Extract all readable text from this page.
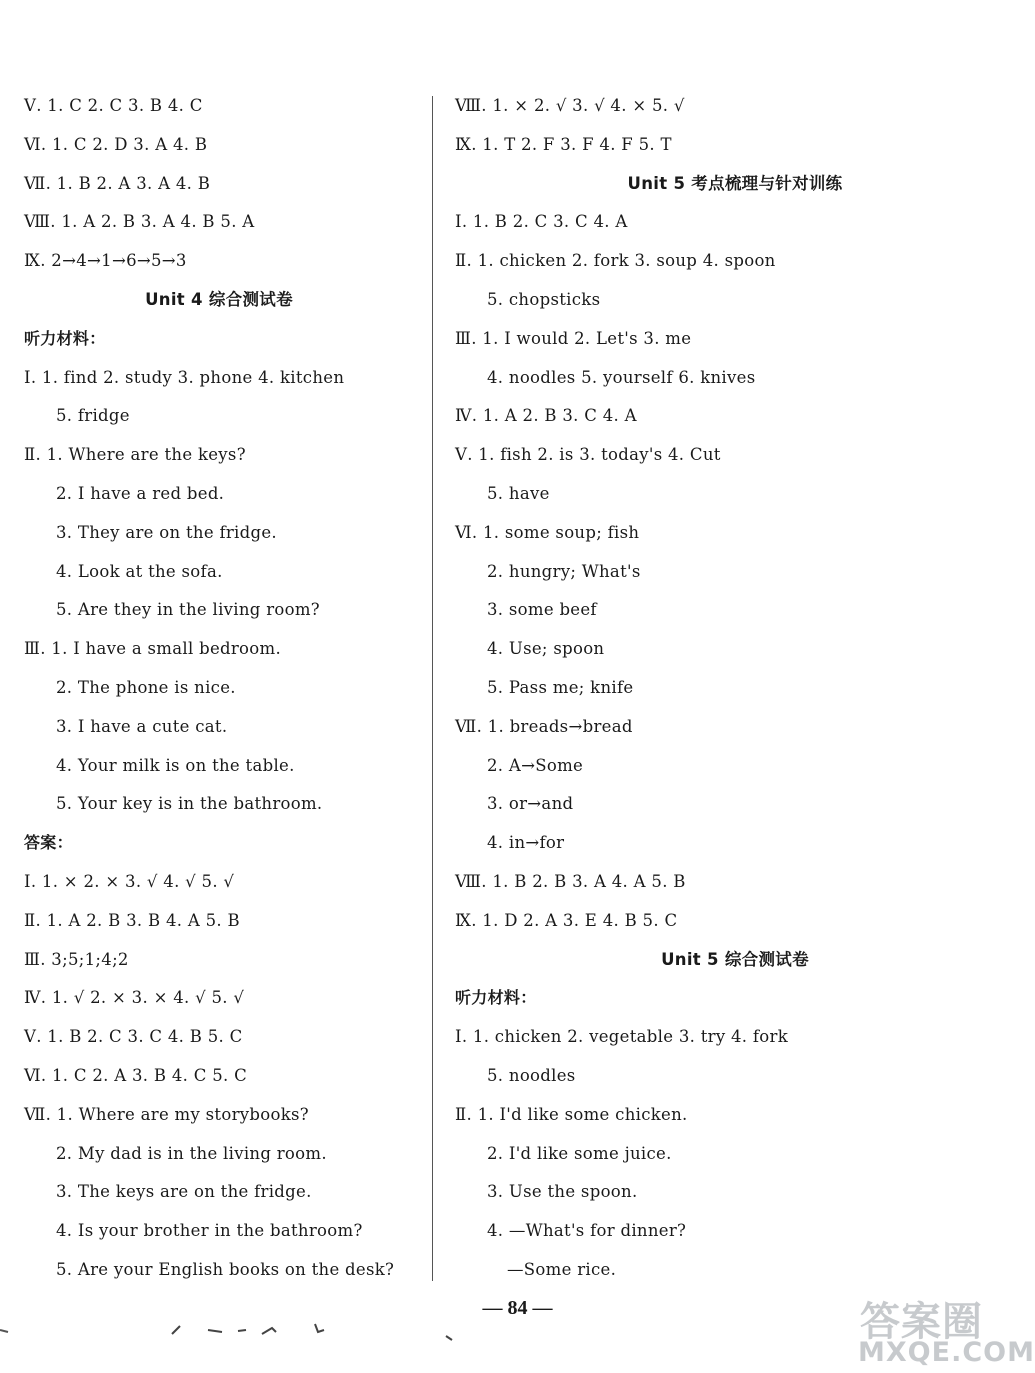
Ⅴ. 1. C 2. C 3. B 4. C
Ⅵ. 1. C 2. D 3. A 4. B
Ⅶ. 1. B 2. A 3. A 4. B
Ⅷ. 1. A 2. B 3. A 4. B 5. A
Ⅸ. 2→4→1→6→5→3
Unit 4 综合测试卷
听力材料：
Ⅰ. 1. find 2. study 3. phone 4. kitchen
5. fridge
Ⅱ. 1. Where are the keys?
2. I have a red bed.
3. They are on the fridge.
4. Look at the sofa.
5. Are they in the living room?
Ⅲ. 1. I have a small bedroom.
2. The phone is nice.
3. I have a cute cat.
4. Your milk is on the table.
5. Your key is in the bathroom.
答案：
Ⅰ. 1. × 2. × 3. √ 4. √ 5. √
Ⅱ. 1. A 2. B 3. B 4. A 5. B
Ⅲ. 3;5;1;4;2
Ⅳ. 1. √ 2. × 3. × 4. √ 5. √
Ⅴ. 1. B 2. C 3. C 4. B 5. C
Ⅵ. 1. C 2. A 3. B 4. C 5. C
Ⅶ. 1. Where are my storybooks?
2. My dad is in the living room.
3. The keys are on the fridge.
4. Is your brother in the bathroom?
5. Are your English books on the desk?
Ⅷ. 1. × 2. √ 3. √ 4. × 5. √
Ⅸ. 1. T 2. F 3. F 4. F 5. T
Unit 5 考点梳理与针对训练
Ⅰ. 1. B 2. C 3. C 4. A
Ⅱ. 1. chicken 2. fork 3. soup 4. spoon
5. chopsticks
Ⅲ. 1. I would 2. Let's 3. me
4. noodles 5. yourself 6. knives
Ⅳ. 1. A 2. B 3. C 4. A
Ⅴ. 1. fish 2. is 3. today's 4. Cut
5. have
Ⅵ. 1. some soup; fish
2. hungry; What's
3. some beef
4. Use; spoon
5. Pass me; knife
Ⅶ. 1. breads→bread
2. A→Some
3. or→and
4. in→for
Ⅷ. 1. B 2. B 3. A 4. A 5. B
Ⅸ. 1. D 2. A 3. E 4. B 5. C
Unit 5 综合测试卷
听力材料：
Ⅰ. 1. chicken 2. vegetable 3. try 4. fork
5. noodles
Ⅱ. 1. I'd like some chicken.
2. I'd like some juice.
3. Use the spoon.
4. —What's for dinner?
—Some rice.
— 84 —	答案圈
MXQE.COM
